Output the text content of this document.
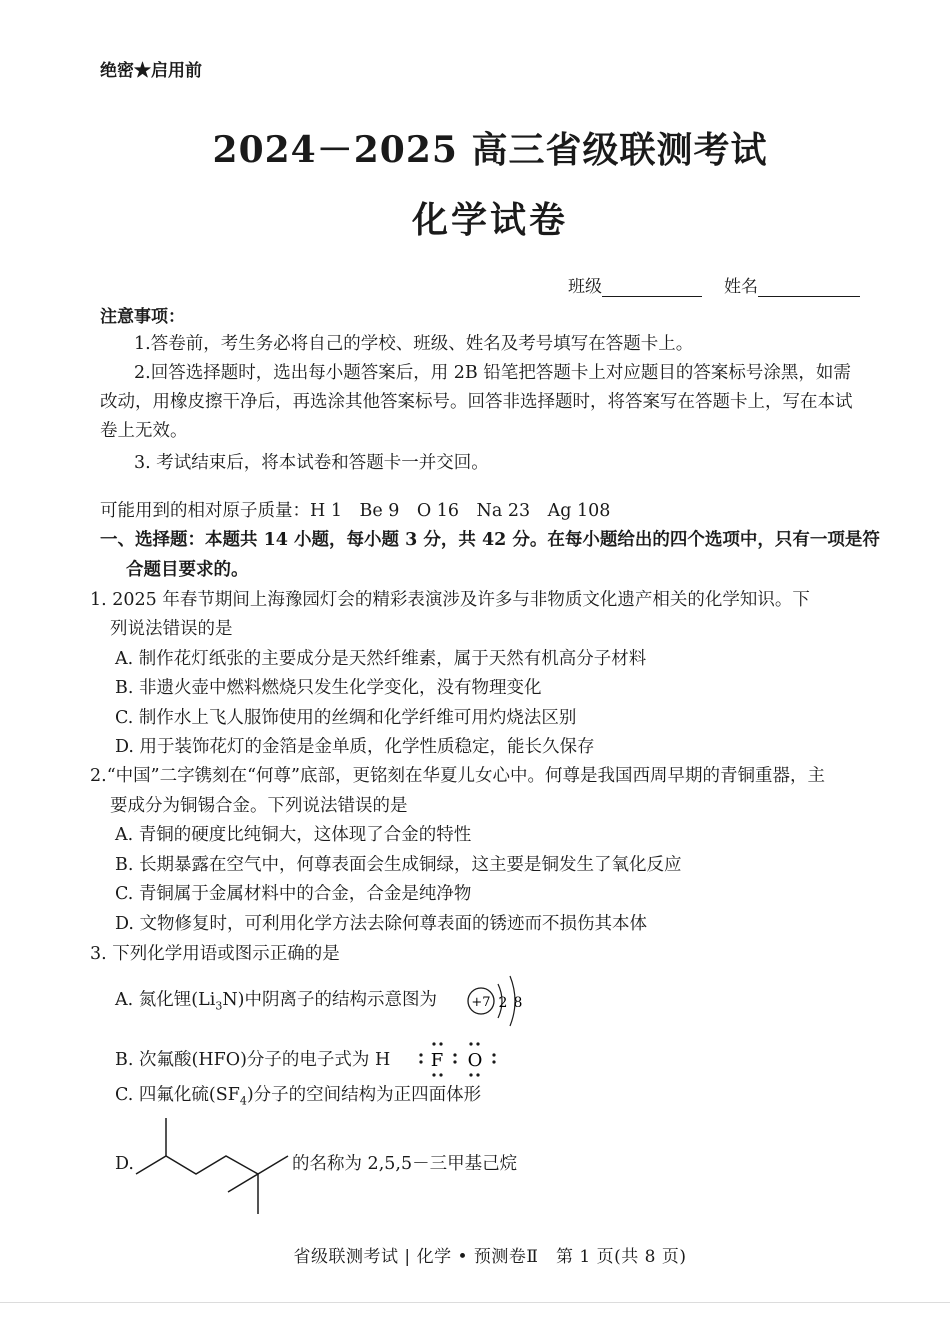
绝密★启用前
2024－2025 高三省级联测考试
化学试卷
班级	姓名
注意事项：
1.答卷前，考生务必将自己的学校、班级、姓名及考号填写在答题卡上。
2.回答选择题时，选出每小题答案后，用 2B 铅笔把答题卡上对应题目的答案标号涂黑，如需
改动，用橡皮擦干净后，再选涂其他答案标号。回答非选择题时，将答案写在答题卡上，写在本试
卷上无效。
3. 考试结束后，将本试卷和答题卡一并交回。
可能用到的相对原子质量：H 1　Be 9　O 16　Na 23　Ag 108
一、选择题：本题共 14 小题，每小题 3 分，共 42 分。在每小题给出的四个选项中，只有一项是符
合题目要求的。
1. 2025 年春节期间上海豫园灯会的精彩表演涉及许多与非物质文化遗产相关的化学知识。下
列说法错误的是
A. 制作花灯纸张的主要成分是天然纤维素，属于天然有机高分子材料
B. 非遗火壶中燃料燃烧只发生化学变化，没有物理变化
C. 制作水上飞人服饰使用的丝绸和化学纤维可用灼烧法区别
D. 用于装饰花灯的金箔是金单质，化学性质稳定，能长久保存
2.“中国”二字镌刻在“何尊”底部，更铭刻在华夏儿女心中。何尊是我国西周早期的青铜重器，主
要成分为铜锡合金。下列说法错误的是
A. 青铜的硬度比纯铜大，这体现了合金的特性
B. 长期暴露在空气中，何尊表面会生成铜绿，这主要是铜发生了氧化反应
C. 青铜属于金属材料中的合金，合金是纯净物
D. 文物修复时，可利用化学方法去除何尊表面的锈迹而不损伤其本体
3. 下列化学用语或图示正确的是
A. 氮化锂$(Li_3N)$中阴离子的结构示意图为	+7 2 8
B. 次氟酸(HFO)分子的电子式为 H F O
C. 四氟化硫$(SF_4)$分子的空间结构为正四面体形
D.	的名称为 2,5,5－三甲基己烷
省级联测考试 | 化学 • 预测卷Ⅱ　第 1 页(共 8 页)
